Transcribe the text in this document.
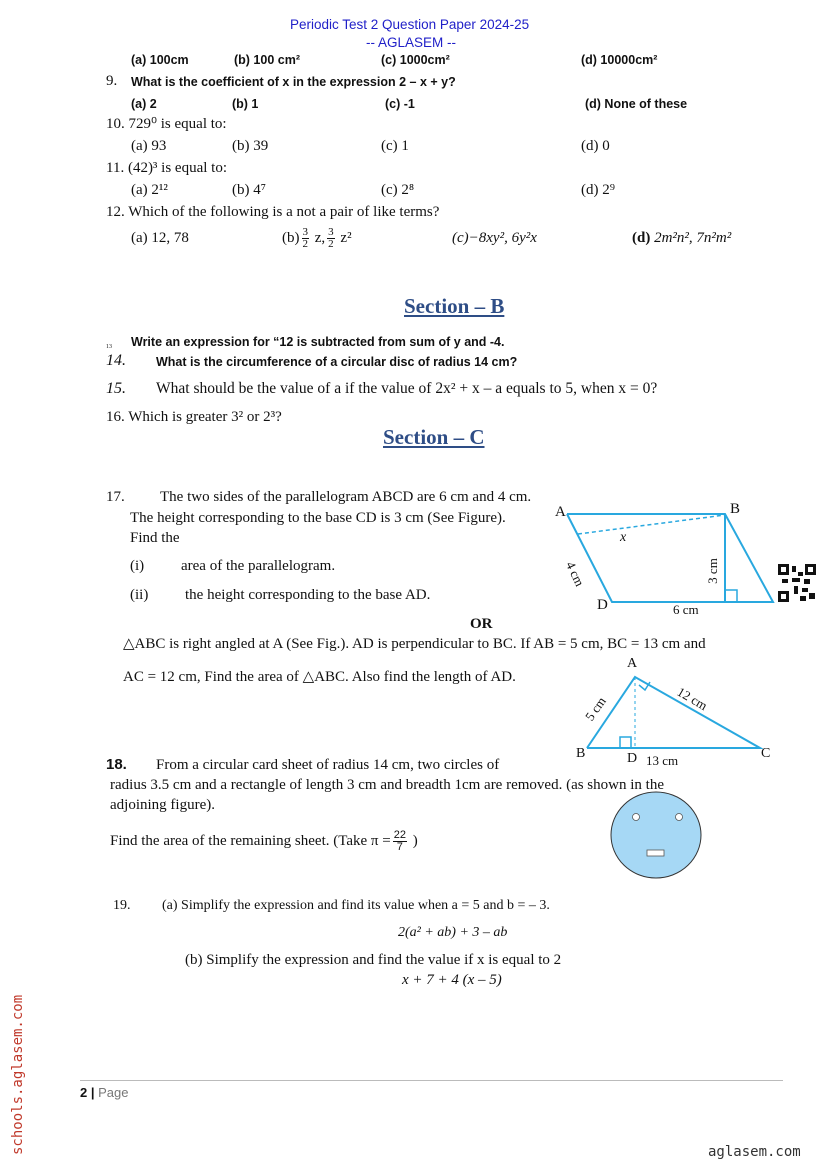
Periodic Test 2 Question Paper 2024-25
-- AGLASEM --
(a) 100cm	(b) 100 cm²	(c) 1000cm²	(d) 10000cm²
9. What is the coefficient of x in the expression 2 – x + y?
(a) 2	(b) 1	(c) -1	(d) None of these
10. 729⁰ is equal to:
(a) 93	(b) 39	(c) 1	(d) 0
11. (42)³ is equal to:
(a) 2¹²	(b) 4⁷	(c) 2⁸	(d) 2⁹
12. Which of the following is a not a pair of like terms?
(a) 12, 78	$(b) \frac{3}{2} z$, $\frac{3}{2} z^2$	(c)−8xy², 6y²x	(d) 2m²n², 7n²m²
Section – B
13 Write an expression for “12 is subtracted from sum of y and -4.
14. What is the circumference of a circular disc of radius 14 cm?
15. What should be the value of a if the value of 2x² + x – a equals to 5, when x = 0?
16. Which is greater 3² or 2³?
Section – C
17. The two sides of the parallelogram ABCD are 6 cm and 4 cm.
The height corresponding to the base CD is 3 cm (See Figure).
Find the
(i) area of the parallelogram.
(ii) the height corresponding to the base AD.
A	B
D
x
4 cm	3 cm
6 cm
OR
△ABC is right angled at A (See Fig.). AD is perpendicular to BC. If AB = 5 cm, BC = 13 cm and
AC = 12 cm, Find the area of △ABC. Also find the length of AD.
A
B	C
D
5 cm	12 cm
13 cm
18. From a circular card sheet of radius 14 cm, two circles of
radius 3.5 cm and a rectangle of length 3 cm and breadth 1cm are removed. (as shown in the
adjoining figure).
Find the area of the remaining sheet. (Take $\pi = \frac{22}{7}$ )
19. (a) Simplify the expression and find its value when a = 5 and b = – 3.
2(a² + ab) + 3 – ab
(b) Simplify the expression and find the value if x is equal to 2
x + 7 + 4 (x – 5)
2 | Page
aglasem.com
schools.aglasem.com
